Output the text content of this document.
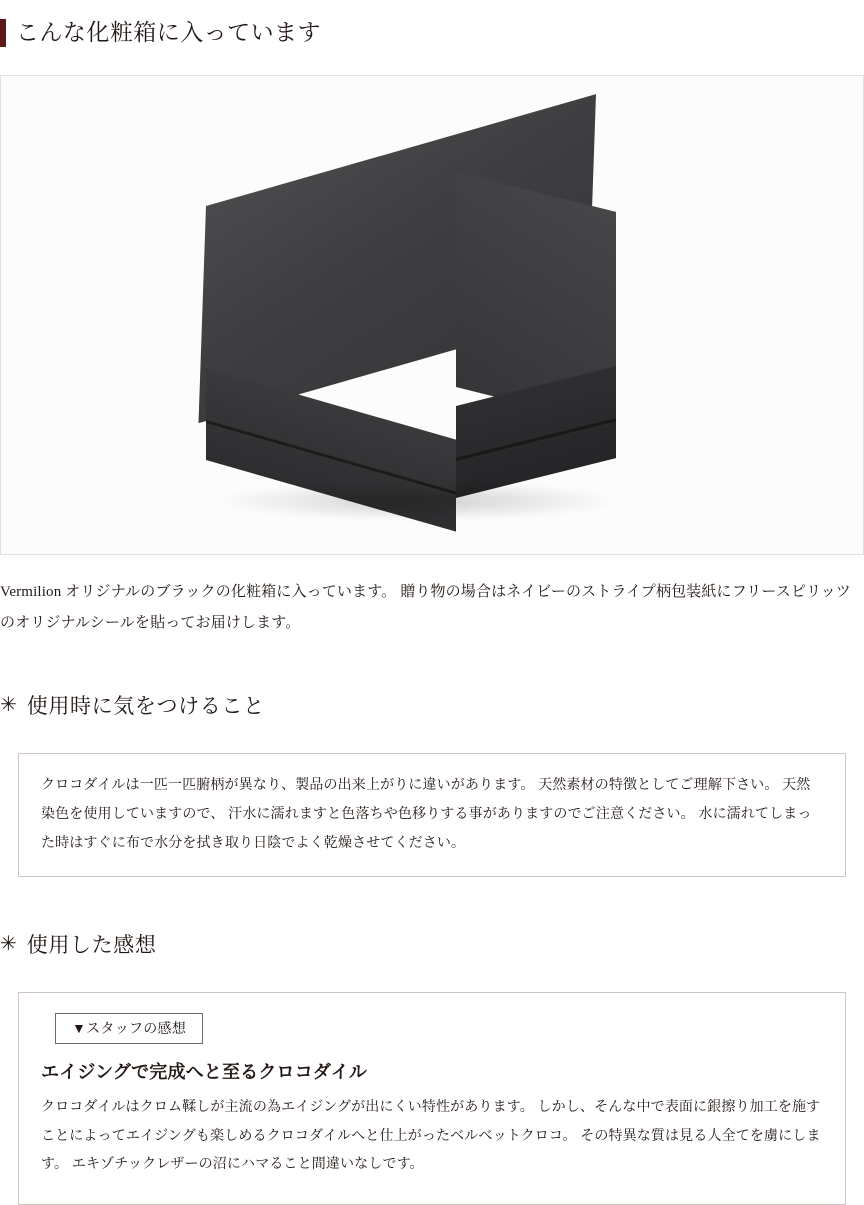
こんな化粧箱に入っています

Vermilion オリジナルのブラックの化粧箱に入っています。 贈り物の場合はネイビーのストライプ柄包装紙にフリースピリッツのオリジナルシールを貼ってお届けします。

✳ 使用時に気をつけること

クロコダイルは一匹一匹腑柄が異なり、製品の出来上がりに違いがあります。 天然素材の特徴としてご理解下さい。 天然染色を使用していますので、 汗水に濡れますと色落ちや色移りする事がありますのでご注意ください。 水に濡れてしまった時はすぐに布で水分を拭き取り日陰でよく乾燥させてください。

✳ 使用した感想
▼スタッフの感想
エイジングで完成へと至るクロコダイル

クロコダイルはクロム鞣しが主流の為エイジングが出にくい特性があります。 しかし、そんな中で表面に銀擦り加工を施すことによってエイジングも楽しめるクロコダイルへと仕上がったベルベットクロコ。 その特異な質は見る人全てを虜にします。 エキゾチックレザーの沼にハマること間違いなしです。
